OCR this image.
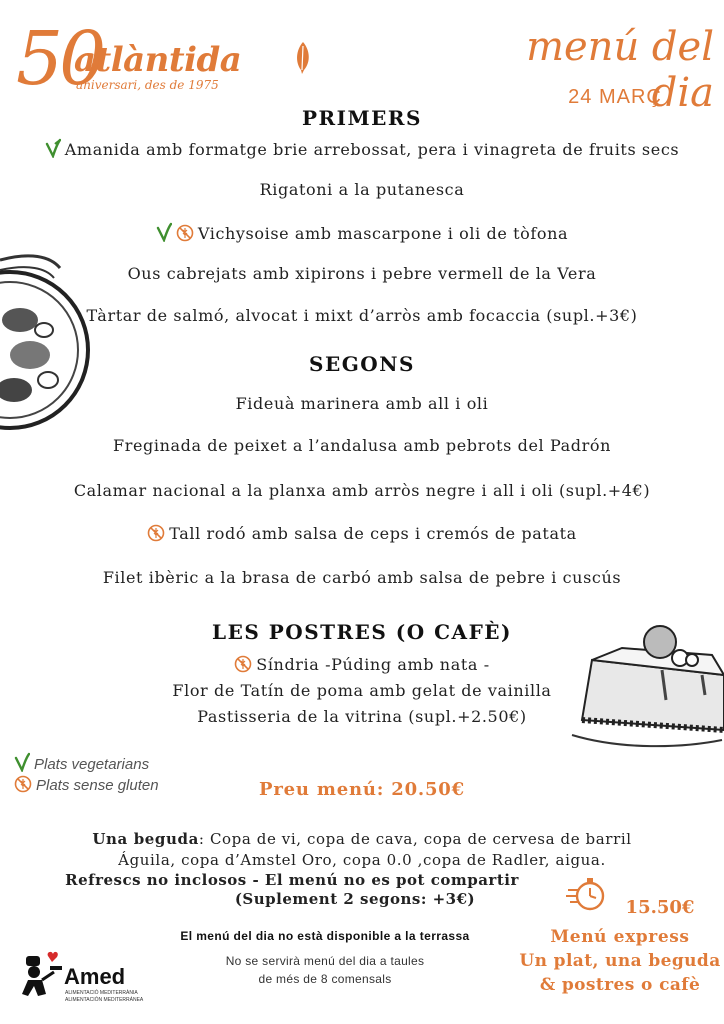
50
atlàntida
aniversari, des de 1975
menú del dia
24 MARÇ
PRIMERS
Amanida amb formatge brie arrebossat, pera i vinagreta de fruits secs
Rigatoni a la putanesca
Vichysoise amb mascarpone i oli de tòfona
Ous cabrejats amb xipirons i pebre vermell de la Vera
Tàrtar de salmó, alvocat i mixt d’arròs amb focaccia (supl.+3€)
SEGONS
Fideuà marinera amb all i oli
Freginada de peixet a l’andalusa amb pebrots del Padrón
Calamar nacional a la planxa amb arròs negre i all i oli (supl.+4€)
Tall rodó amb salsa de ceps i cremós de patata
Filet ibèric a la brasa de carbó amb salsa de pebre i cuscús
LES POSTRES (O CAFÈ)
Síndria -Púding amb nata -
Flor de Tatín de poma amb gelat de vainilla
Pastisseria de la vitrina (supl.+2.50€)
Plats vegetarians
Plats sense gluten	Preu menú: 20.50€
Una beguda: Copa de vi, copa de cava, copa de cervesa de barril
Águila, copa d’Amstel Oro, copa 0.0 ,copa de Radler, aigua.
Refrescs no inclosos - El menú no es pot compartir
(Suplement 2 segons: +3€)
El menú del dia no està disponible a la terrassa
No se servirà menú del dia a taules
de més de 8 comensals
15.50€
Menú express
Un plat, una beguda
& postres o cafè
Amed
ALIMENTACIÓ MEDITERRÀNIA
ALIMENTACIÓN MEDITERRÁNEA
